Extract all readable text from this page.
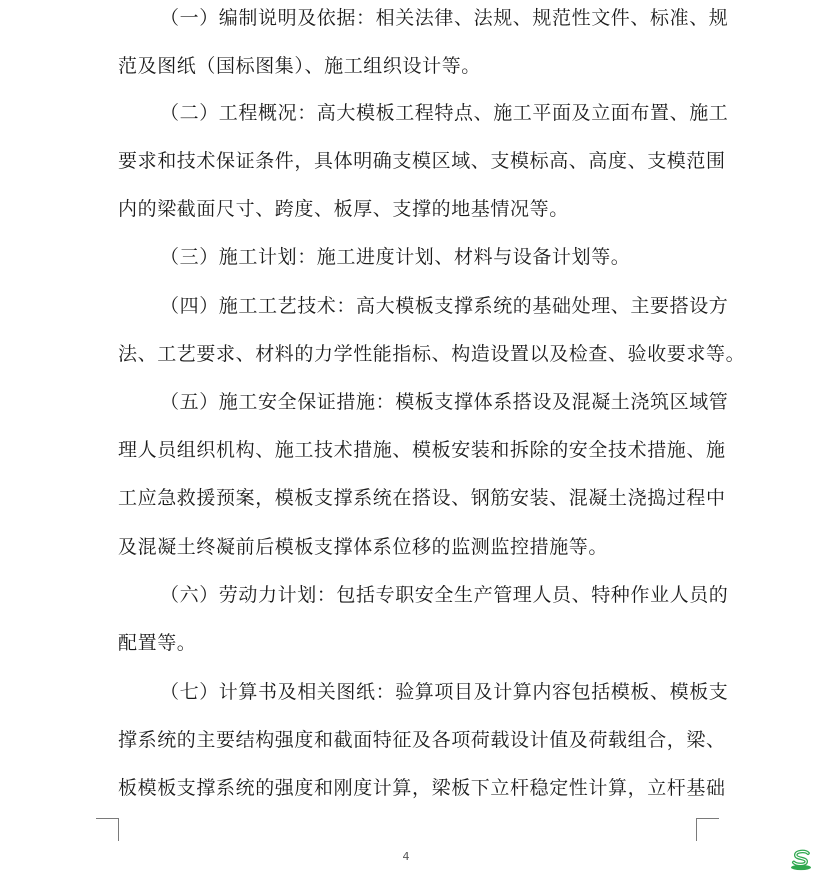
（一）编制说明及依据：相关法律、法规、规范性文件、标准、规
范及图纸（国标图集）、施工组织设计等。
（二）工程概况：高大模板工程特点、施工平面及立面布置、施工
要求和技术保证条件，具体明确支模区域、支模标高、高度、支模范围
内的梁截面尺寸、跨度、板厚、支撑的地基情况等。
（三）施工计划：施工进度计划、材料与设备计划等。
（四）施工工艺技术：高大模板支撑系统的基础处理、主要搭设方
法、工艺要求、材料的力学性能指标、构造设置以及检查、验收要求等。
（五）施工安全保证措施：模板支撑体系搭设及混凝土浇筑区域管
理人员组织机构、施工技术措施、模板安装和拆除的安全技术措施、施
工应急救援预案，模板支撑系统在搭设、钢筋安装、混凝土浇捣过程中
及混凝土终凝前后模板支撑体系位移的监测监控措施等。
（六）劳动力计划：包括专职安全生产管理人员、特种作业人员的
配置等。
（七）计算书及相关图纸：验算项目及计算内容包括模板、模板支
撑系统的主要结构强度和截面特征及各项荷载设计值及荷载组合，梁、
板模板支撑系统的强度和刚度计算，梁板下立杆稳定性计算，立杆基础
4
